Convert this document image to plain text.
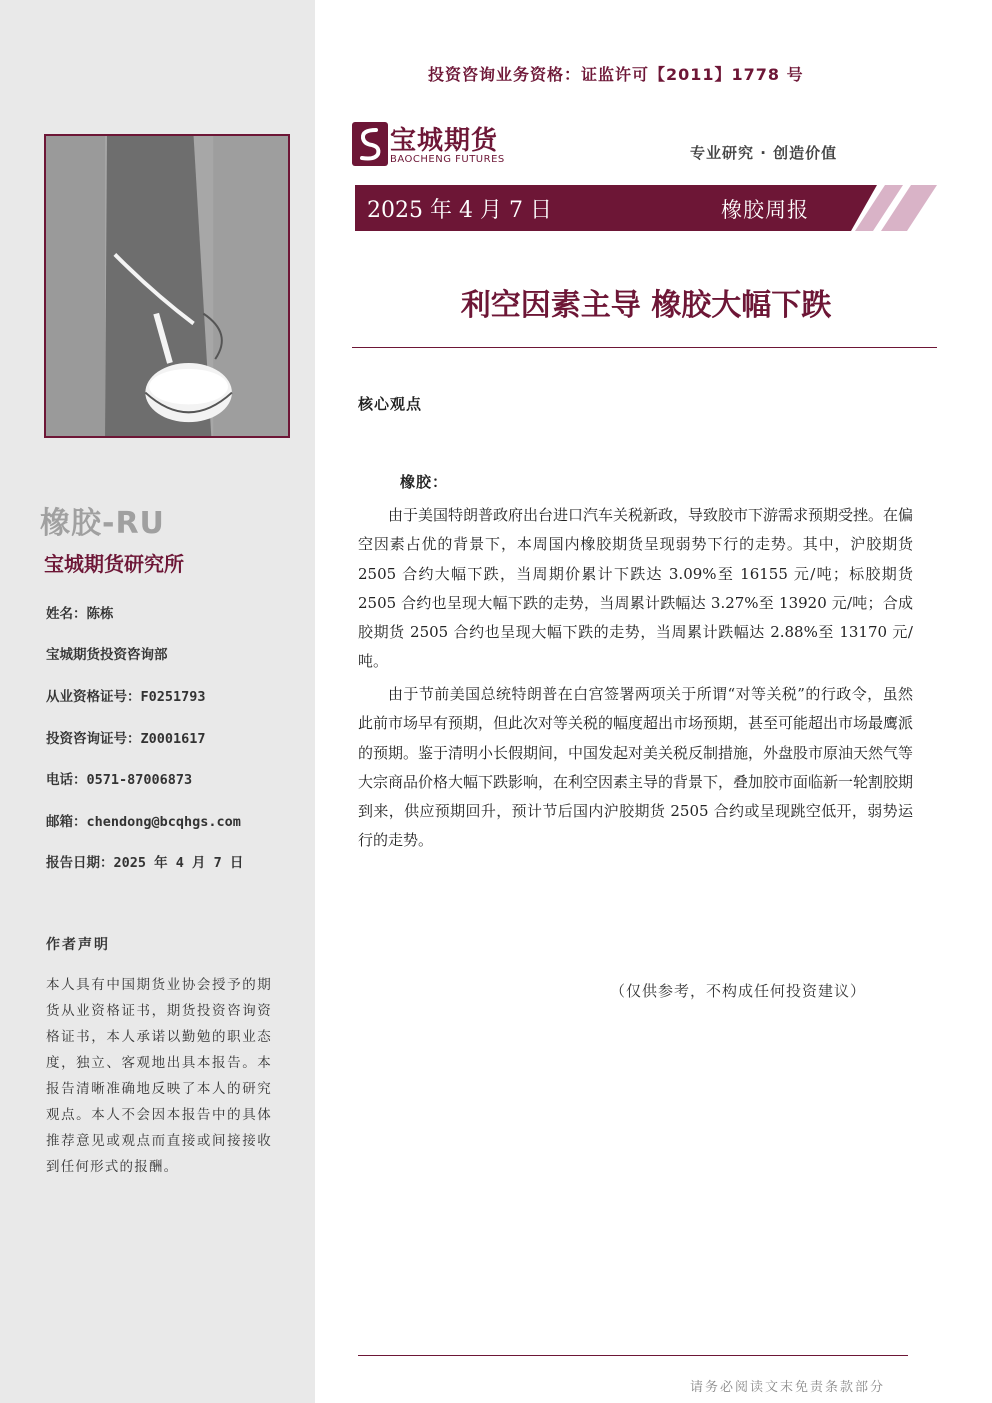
橡胶-RU
宝城期货研究所
姓名：陈栋
宝城期货投资咨询部
从业资格证号：F0251793
投资咨询证号：Z0001617
电话：0571-87006873
邮箱：chendong@bcqhgs.com
报告日期：2025 年 4 月 7 日
作者声明
本人具有中国期货业协会授予的期货从业资格证书，期货投资咨询资格证书，本人承诺以勤勉的职业态度，独立、客观地出具本报告。本报告清晰准确地反映了本人的研究观点。本人不会因本报告中的具体推荐意见或观点而直接或间接接收到任何形式的报酬。
投资咨询业务资格：证监许可【2011】1778 号
宝城期货
BAOCHENG FUTURES	专业研究 · 创造价值
2025 年 4 月 7 日	橡胶周报
利空因素主导 橡胶大幅下跌
核心观点
橡胶：

由于美国特朗普政府出台进口汽车关税新政，导致胶市下游需求预期受挫。在偏空因素占优的背景下，本周国内橡胶期货呈现弱势下行的走势。其中，沪胶期货 2505 合约大幅下跌，当周期价累计下跌达 3.09%至 16155 元/吨；标胶期货 2505 合约也呈现大幅下跌的走势，当周累计跌幅达 3.27%至 13920 元/吨；合成胶期货 2505 合约也呈现大幅下跌的走势，当周累计跌幅达 2.88%至 13170 元/吨。

由于节前美国总统特朗普在白宫签署两项关于所谓“对等关税”的行政令，虽然此前市场早有预期，但此次对等关税的幅度超出市场预期，甚至可能超出市场最鹰派的预期。鉴于清明小长假期间，中国发起对美关税反制措施，外盘股市原油天然气等大宗商品价格大幅下跌影响，在利空因素主导的背景下，叠加胶市面临新一轮割胶期到来，供应预期回升，预计节后国内沪胶期货 2505 合约或呈现跳空低开，弱势运行的走势。

（仅供参考，不构成任何投资建议）
请务必阅读文末免责条款部分
